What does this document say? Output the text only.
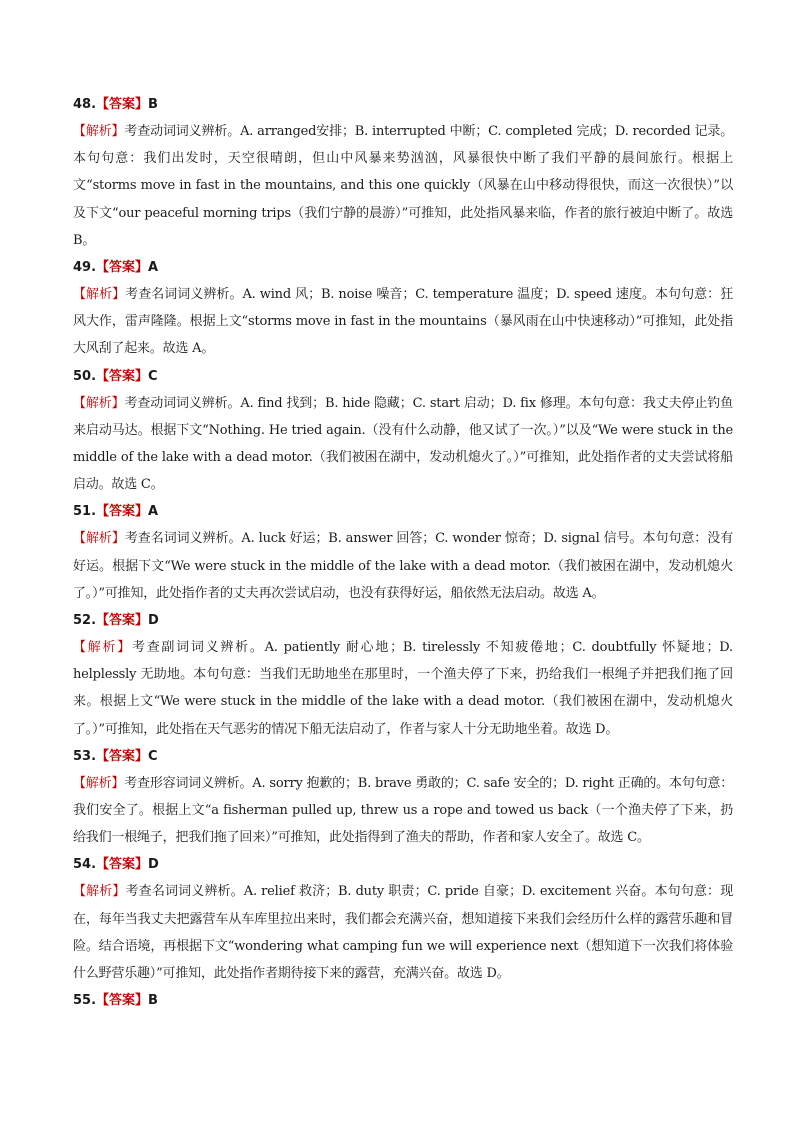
48.【答案】B

【解析】考查动词词义辨析。A. arranged安排；B. interrupted 中断；C. completed 完成；D. recorded 记录。本句句意：我们出发时，天空很晴朗，但山中风暴来势汹汹，风暴很快中断了我们平静的晨间旅行。根据上文“storms move in fast in the mountains, and this one quickly（风暴在山中移动得很快，而这一次很快）”以及下文“our peaceful morning trips（我们宁静的晨游）”可推知，此处指风暴来临，作者的旅行被迫中断了。故选 B。

49.【答案】A

【解析】考查名词词义辨析。A. wind 风；B. noise 噪音；C. temperature 温度；D. speed 速度。本句句意：狂风大作，雷声隆隆。根据上文“storms move in fast in the mountains（暴风雨在山中快速移动）”可推知，此处指大风刮了起来。故选 A。

50.【答案】C

【解析】考查动词词义辨析。A. find 找到；B. hide 隐藏；C. start 启动；D. fix 修理。本句句意：我丈夫停止钓鱼来启动马达。根据下文“Nothing. He tried again.（没有什么动静，他又试了一次。）”以及“We were stuck in the middle of the lake with a dead motor.（我们被困在湖中，发动机熄火了。）”可推知，此处指作者的丈夫尝试将船启动。故选 C。

51.【答案】A

【解析】考查名词词义辨析。A. luck 好运；B. answer 回答；C. wonder 惊奇；D. signal 信号。本句句意：没有好运。根据下文“We were stuck in the middle of the lake with a dead motor.（我们被困在湖中，发动机熄火了。）”可推知，此处指作者的丈夫再次尝试启动，也没有获得好运，船依然无法启动。故选 A。

52.【答案】D

【解析】考查副词词义辨析。A. patiently 耐心地；B. tirelessly 不知疲倦地；C. doubtfully 怀疑地；D. helplessly 无助地。本句句意：当我们无助地坐在那里时，一个渔夫停了下来，扔给我们一根绳子并把我们拖了回来。根据上文“We were stuck in the middle of the lake with a dead motor.（我们被困在湖中，发动机熄火了。）”可推知，此处指在天气恶劣的情况下船无法启动了，作者与家人十分无助地坐着。故选 D。

53.【答案】C

【解析】考查形容词词义辨析。A. sorry 抱歉的；B. brave 勇敢的；C. safe 安全的；D. right 正确的。本句句意：我们安全了。根据上文“a fisherman pulled up, threw us a rope and towed us back（一个渔夫停了下来，扔给我们一根绳子，把我们拖了回来）”可推知，此处指得到了渔夫的帮助，作者和家人安全了。故选 C。

54.【答案】D

【解析】考查名词词义辨析。A. relief 救济；B. duty 职责；C. pride 自豪；D. excitement 兴奋。本句句意：现在，每年当我丈夫把露营车从车库里拉出来时，我们都会充满兴奋，想知道接下来我们会经历什么样的露营乐趣和冒险。结合语境，再根据下文“wondering what camping fun we will experience next（想知道下一次我们将体验什么野营乐趣）”可推知，此处指作者期待接下来的露营，充满兴奋。故选 D。

55.【答案】B
